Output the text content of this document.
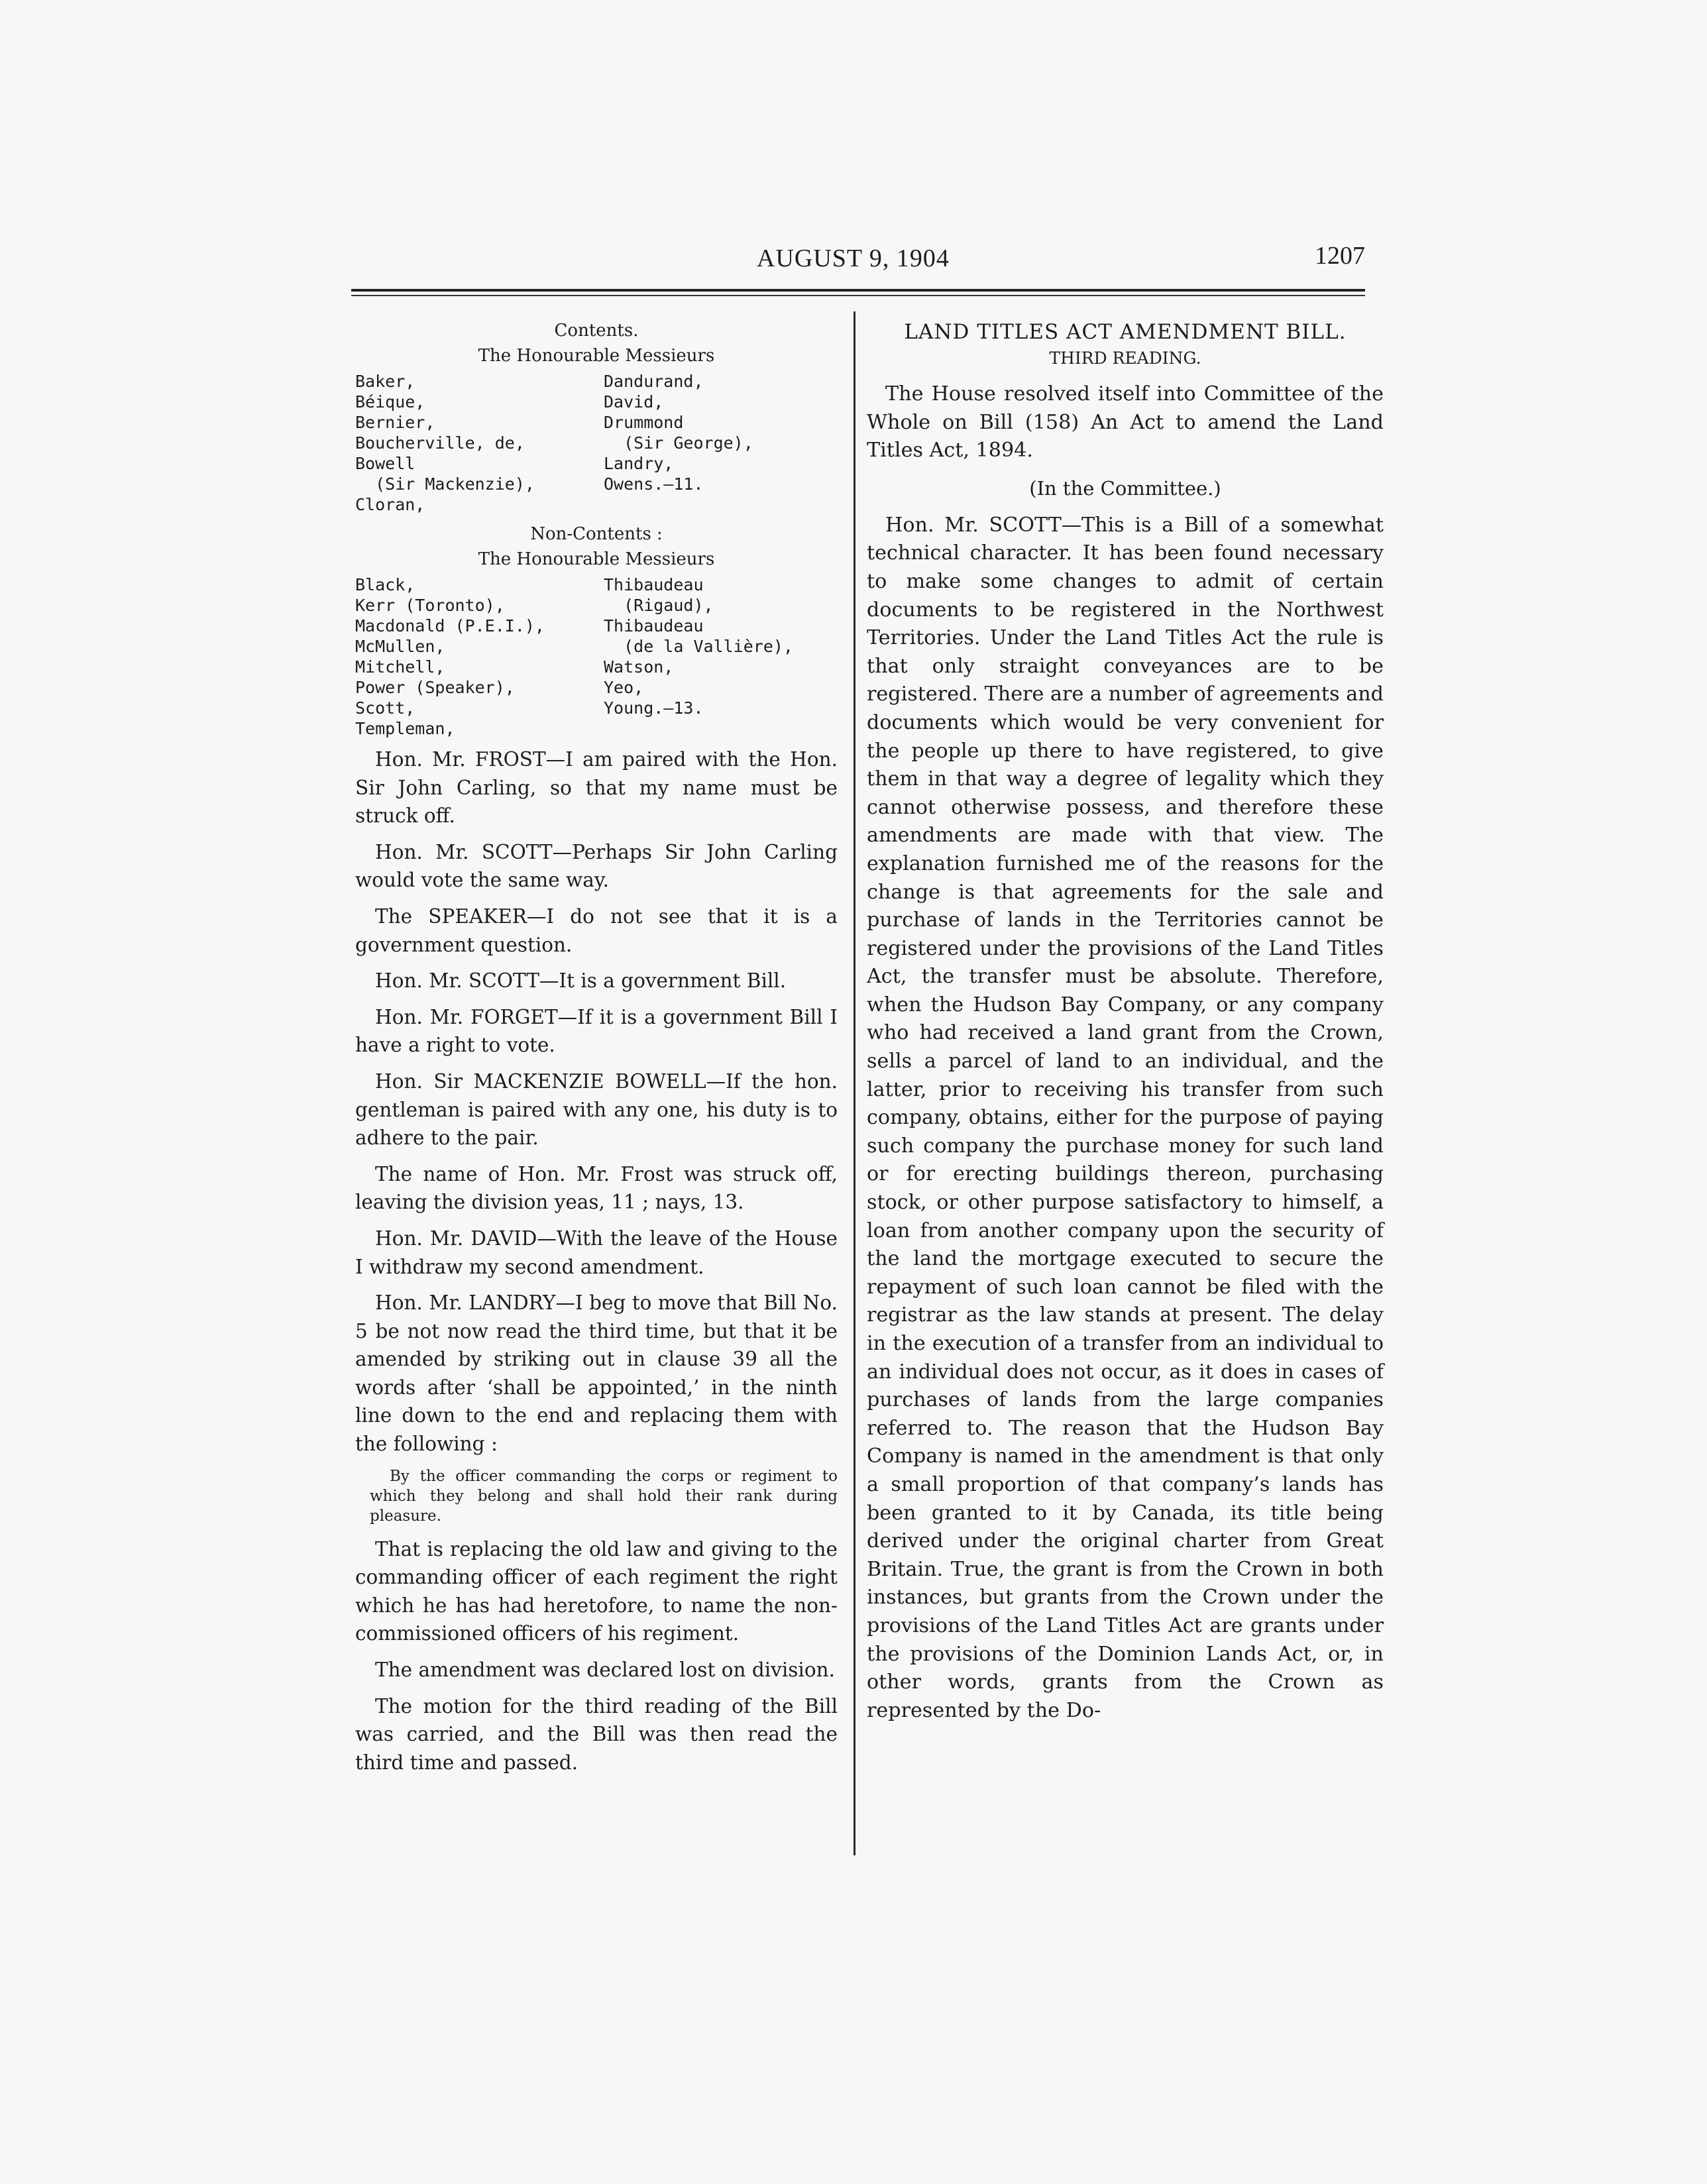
AUGUST 9, 1904	1207
Contents.
The Honourable Messieurs
Baker,
Béique,
Bernier,
Boucherville, de,
Bowell
(Sir Mackenzie),
Cloran,
Dandurand,
David,
Drummond
(Sir George),
Landry,
Owens.—11.
Non-Contents :
The Honourable Messieurs
Black,
Kerr (Toronto),
Macdonald (P.E.I.),
McMullen,
Mitchell,
Power (Speaker),
Scott,
Templeman,
Thibaudeau
(Rigaud),
Thibaudeau
(de la Vallière),
Watson,
Yeo,
Young.—13.

Hon. Mr. FROST—I am paired with the Hon. Sir John Carling, so that my name must be struck off.

Hon. Mr. SCOTT—Perhaps Sir John Carling would vote the same way.

The SPEAKER—I do not see that it is a government question.

Hon. Mr. SCOTT—It is a government Bill.

Hon. Mr. FORGET—If it is a government Bill I have a right to vote.

Hon. Sir MACKENZIE BOWELL—If the hon. gentleman is paired with any one, his duty is to adhere to the pair.

The name of Hon. Mr. Frost was struck off, leaving the division yeas, 11 ; nays, 13.

Hon. Mr. DAVID—With the leave of the House I withdraw my second amendment.

Hon. Mr. LANDRY—I beg to move that Bill No. 5 be not now read the third time, but that it be amended by striking out in clause 39 all the words after ‘shall be appointed,’ in the ninth line down to the end and replacing them with the following :

By the officer commanding the corps or regiment to which they belong and shall hold their rank during pleasure.

That is replacing the old law and giving to the commanding officer of each regiment the right which he has had heretofore, to name the non-commissioned officers of his regiment.

The amendment was declared lost on division.

The motion for the third reading of the Bill was carried, and the Bill was then read the third time and passed.

LAND TITLES ACT AMENDMENT BILL.
THIRD READING.

The House resolved itself into Committee of the Whole on Bill (158) An Act to amend the Land Titles Act, 1894.

(In the Committee.)

Hon. Mr. SCOTT—This is a Bill of a somewhat technical character. It has been found necessary to make some changes to admit of certain documents to be registered in the Northwest Territories. Under the Land Titles Act the rule is that only straight conveyances are to be registered. There are a number of agreements and documents which would be very convenient for the people up there to have registered, to give them in that way a degree of legality which they cannot otherwise possess, and therefore these amendments are made with that view. The explanation furnished me of the reasons for the change is that agreements for the sale and purchase of lands in the Territories cannot be registered under the provisions of the Land Titles Act, the transfer must be absolute. Therefore, when the Hudson Bay Company, or any company who had received a land grant from the Crown, sells a parcel of land to an individual, and the latter, prior to receiving his transfer from such company, obtains, either for the purpose of paying such company the purchase money for such land or for erecting buildings thereon, purchasing stock, or other purpose satisfactory to himself, a loan from another company upon the security of the land the mortgage executed to secure the repayment of such loan cannot be filed with the registrar as the law stands at present. The delay in the execution of a transfer from an individual to an individual does not occur, as it does in cases of purchases of lands from the large companies referred to. The reason that the Hudson Bay Company is named in the amendment is that only a small proportion of that company’s lands has been granted to it by Canada, its title being derived under the original charter from Great Britain. True, the grant is from the Crown in both instances, but grants from the Crown under the provisions of the Land Titles Act are grants under the provisions of the Dominion Lands Act, or, in other words, grants from the Crown as represented by the Do-
